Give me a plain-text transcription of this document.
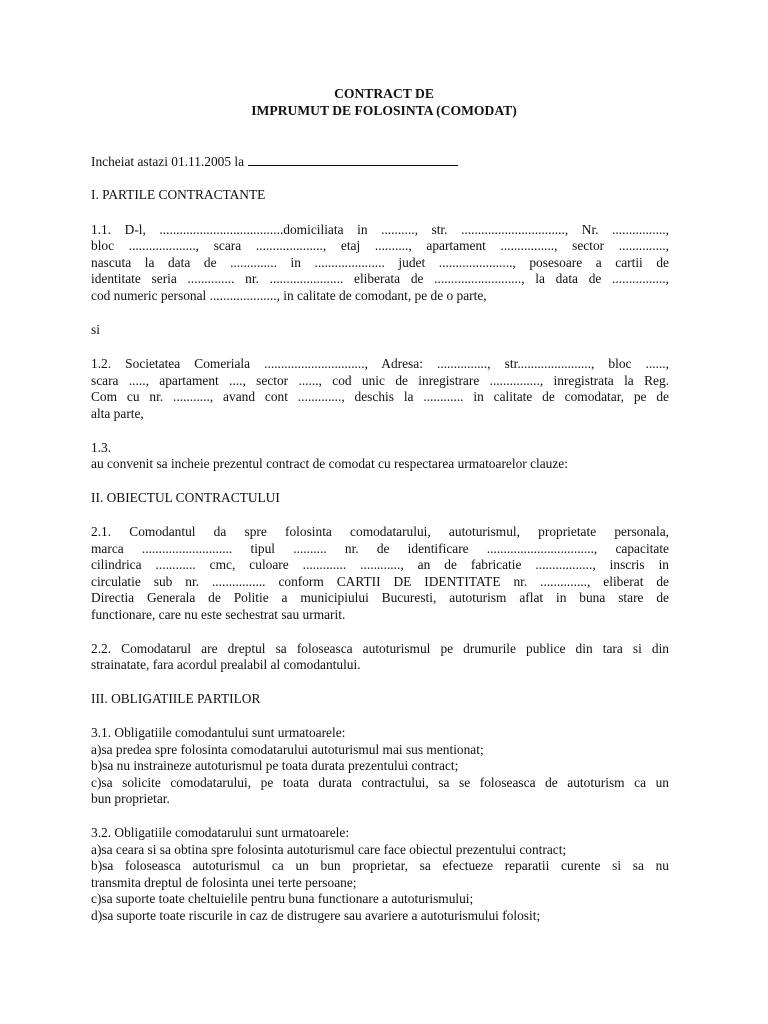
CONTRACT DE
IMPRUMUT DE FOLOSINTA (COMODAT)
Incheiat astazi 01.11.2005 la
I. PARTILE CONTRACTANTE
1.1. D-l, .....................................domiciliata in .........., str. ..............................., Nr. ................,
bloc ...................., scara ...................., etaj .........., apartament ................, sector ..............,
nascuta la data de .............. in ..................... judet ......................, posesoare a cartii de
identitate seria .............. nr. ...................... eliberata de .........................., la data de ................,
cod numeric personal ...................., in calitate de comodant, pe de o parte,
si
1.2. Societatea Comeriala .............................., Adresa: ..............., str......................, bloc ......,
scara ....., apartament ...., sector ......, cod unic de inregistrare ..............., inregistrata la Reg.
Com cu nr. ..........., avand cont ............., deschis la ............ in calitate de comodatar, pe de
alta parte,
1.3.
au convenit sa incheie prezentul contract de comodat cu respectarea urmatoarelor clauze:
II. OBIECTUL CONTRACTULUI
2.1. Comodantul da spre folosinta comodatarului, autoturismul, proprietate personala,
marca ........................... tipul .......... nr. de identificare ................................, capacitate
cilindrica ............ cmc, culoare ............. ............, an de fabricatie ................., inscris in
circulatie sub nr. ................ conform CARTII DE IDENTITATE nr. .............., eliberat de
Directia Generala de Politie a municipiului Bucuresti, autoturism aflat in buna stare de
functionare, care nu este sechestrat sau urmarit.
2.2. Comodatarul are dreptul sa foloseasca autoturismul pe drumurile publice din tara si din
strainatate, fara acordul prealabil al comodantului.
III. OBLIGATIILE PARTILOR
3.1. Obligatiile comodantului sunt urmatoarele:
a)sa predea spre folosinta comodatarului autoturismul mai sus mentionat;
b)sa nu instraineze autoturismul pe toata durata prezentului contract;
c)sa solicite comodatarului, pe toata durata contractului, sa se foloseasca de autoturism ca un
bun proprietar.
3.2. Obligatiile comodatarului sunt urmatoarele:
a)sa ceara si sa obtina spre folosinta autoturismul care face obiectul prezentului contract;
b)sa foloseasca autoturismul ca un bun proprietar, sa efectueze reparatii curente si sa nu
transmita dreptul de folosinta unei terte persoane;
c)sa suporte toate cheltuielile pentru buna functionare a autoturismului;
d)sa suporte toate riscurile in caz de distrugere sau avariere a autoturismului folosit;
